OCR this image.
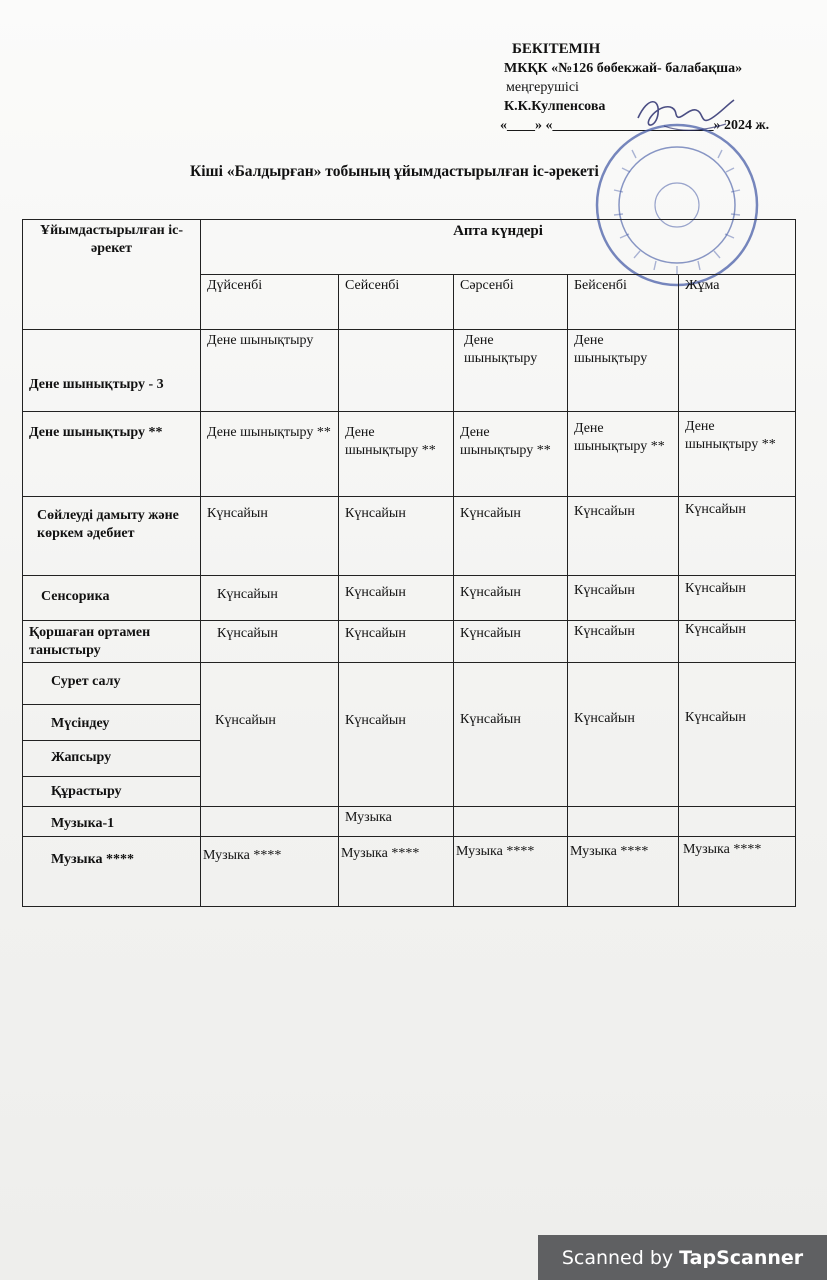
БЕКІТЕМІН
МКҚК «№126 бөбекжай- балабақша»
меңгерушісі
К.К.Кулпенсова
«____» «_______________________» 2024 ж.
Кіші «Балдырған» тобының ұйымдастырылған іс-әрекеті
Ұйымдастырылған іс-әрекет	Апта күндері				
	Дүйсенбі	Сейсенбі	Сәрсенбі	Бейсенбі	Жұма
Дене шынықтыру - 3	Дене шынықтыру		Дене шынықтыру	Дене шынықтыру	
Дене шынықтыру **	Дене шынықтыру **	Дене шынықтыру **	Дене шынықтыру **	Дене шынықтыру **	Дене шынықтыру **
Сөйлеуді дамыту және көркем әдебиет	Күнсайын	Күнсайын	Күнсайын	Күнсайын	Күнсайын
Сенсорика	Күнсайын	Күнсайын	Күнсайын	Күнсайын	Күнсайын
Қоршаған ортамен таныстыру	Күнсайын	Күнсайын	Күнсайын	Күнсайын	Күнсайын
Сурет салу	Күнсайын	Күнсайын	Күнсайын	Күнсайын	Күнсайын
Мүсіндеу					
Жапсыру					
Құрастыру					
Музыка-1		Музыка			
Музыка ****	Музыка ****	Музыка ****	Музыка ****	Музыка ****	Музыка ****
Scanned by TapScanner
